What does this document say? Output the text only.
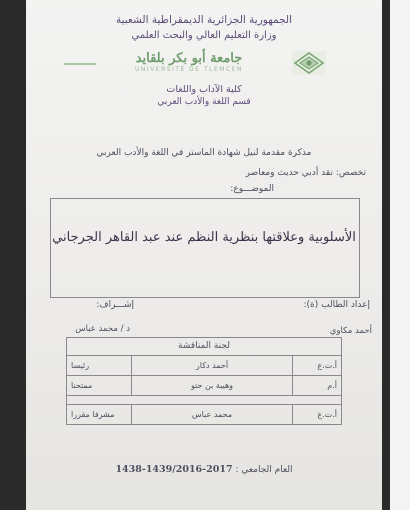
الجمهورية الجزائرية الديمقراطية الشعبية
وزارة التعليم العالي والبحث العلمي
جامعة أبو بكر بلقايد
UNIVERSITÉ DE TLEMCEN
كلية الآداب واللغات
قسم اللغة والأدب العربي
مذكرة مقدمة لنيل شهادة الماستر في اللغة والأدب العربي
تخصص: نقد أدبي حديث ومعاصر
الموضـــوع:
الأسلوبية وعلاقتها بنظرية النظم عند عبد القاهر الجرجاني
إعداد الطالب (ة):
إشـــراف:
أحمد مكاوي
د / محمد عباس
لجنة المناقشة		
أ.ت.ع	أحمد دكار	رئيسا
أ.م	وهيبة بن حتو	ممتحنا

أ.ت.ع	محمد عباس	مشرفا مقررا
العام الجامعي : 1438-1439/2016-2017
